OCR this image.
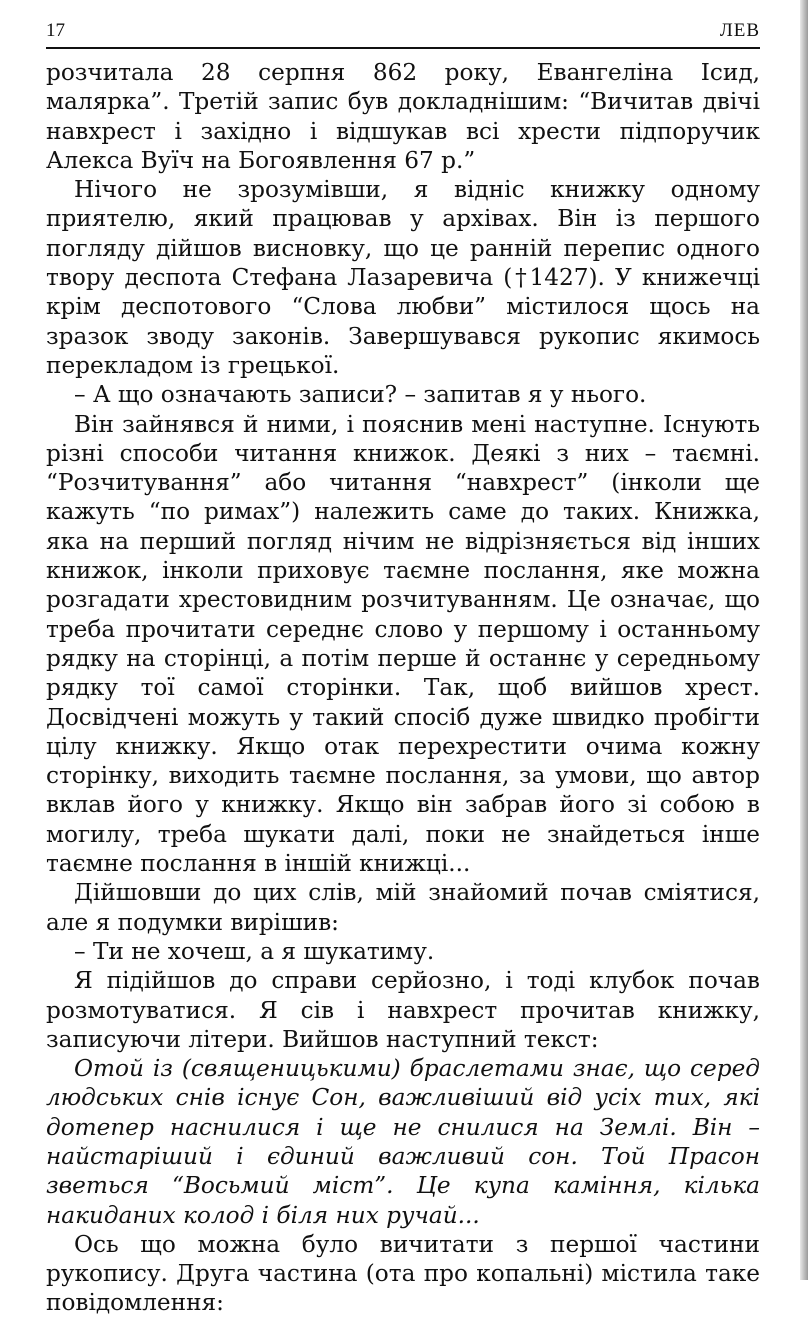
17	ЛЕВ

розчитала 28 серпня 862 року, Евангеліна Ісид, малярка”. Третій запис був докладнішим: “Вичитав двічі навхрест і західно і відшукав всі хрести підпоручик Алекса Вуїч на Богоявлення 67 р.”

Нічого не зрозумівши, я відніс книжку одному приятелю, який працював у архівах. Він із першого погляду дійшов висновку, що це ранній перепис одного твору деспота Стефана Лазаревича (†1427). У книжечці крім деспотового “Слова любви” містилося щось на зразок зводу законів. Завершувався рукопис якимось перекладом із грецької.

– А що означають записи? – запитав я у нього.

Він зайнявся й ними, і пояснив мені наступне. Існують різні способи читання книжок. Деякі з них – таємні. “Розчитування” або читання “навхрест” (інколи ще кажуть “по римах”) належить саме до таких. Книжка, яка на перший погляд нічим не відрізняється від інших книжок, інколи приховує таємне послання, яке можна розгадати хрестовидним розчитуванням. Це означає, що треба прочитати середнє слово у першому і останньому рядку на сторінці, а потім перше й останнє у середньому рядку тої самої сторінки. Так, щоб вийшов хрест. Досвідчені можуть у такий спосіб дуже швидко пробігти цілу книжку. Якщо отак перехрестити очима кожну сторінку, виходить таємне послання, за умови, що автор вклав його у книжку. Якщо він забрав його зі собою в могилу, треба шукати далі, поки не знайдеться інше таємне послання в іншій книжці...

Дійшовши до цих слів, мій знайомий почав сміятися, але я подумки вирішив:

– Ти не хочеш, а я шукатиму.

Я підійшов до справи серйозно, і тоді клубок почав розмотуватися. Я сів і навхрест прочитав книжку, записуючи літери. Вийшов наступний текст:

Отой із (священицькими) браслетами знає, що серед людських снів існує Сон, важливіший від усіх тих, які дотепер наснилися і ще не снилися на Землі. Він – найстаріший і єдиний важливий сон. Той Прасон зветься “Восьмий міст”. Це купа каміння, кілька накиданих колод і біля них ручай...

Ось що можна було вичитати з першої частини рукопису. Друга частина (ота про копальні) містила таке повідомлення:
